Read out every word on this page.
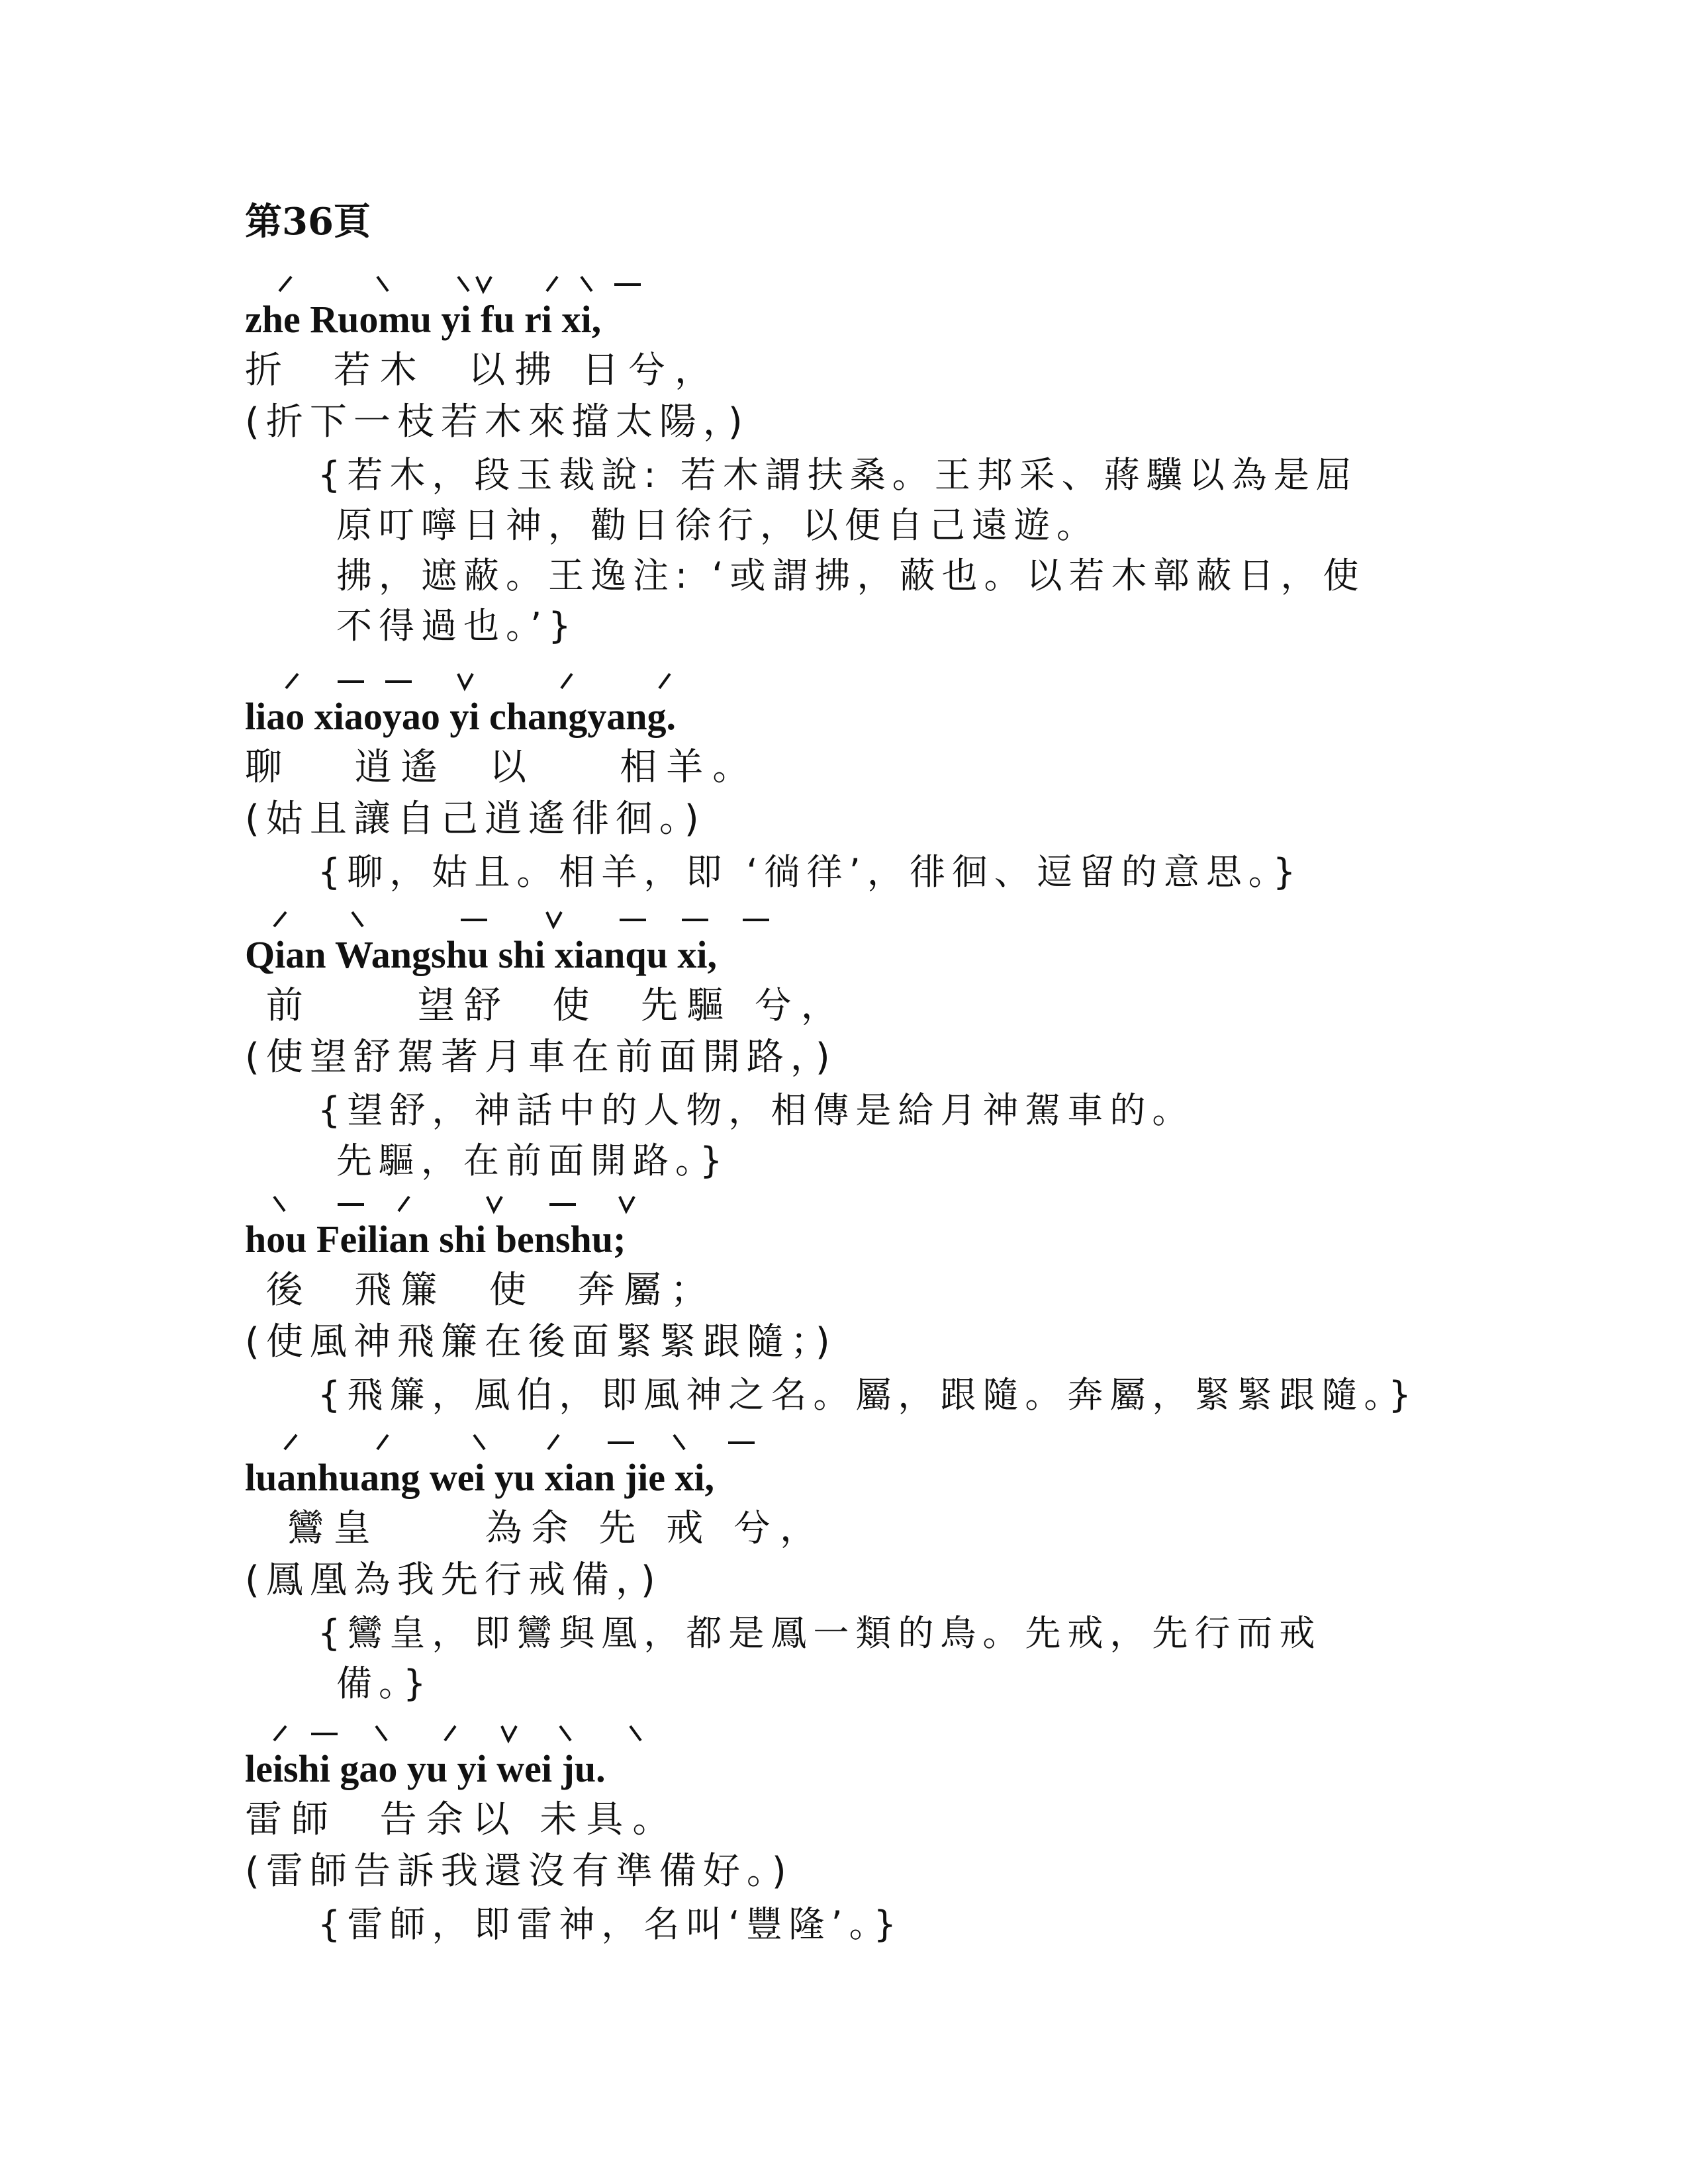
第36頁
zhe Ruomu yi fu ri xi,
折  若木  以拂 日兮，
(折下一枝若木來擋太陽，)
{若木，段玉裁說: 若木謂扶桑。王邦采、蔣驥以為是屈
原叮嚀日神，勸日徐行，以便自己遠遊。
拂，遮蔽。王逸注: ‘或謂拂，蔽也。以若木鄣蔽日，使
不得過也。’}
liao xiaoyao yi changyang.
聊   逍遙  以    相羊。
(姑且讓自己逍遙徘徊。)
{聊，姑且。相羊，即 ‘徜徉’，徘徊、逗留的意思。}
Qian Wangshu shi xianqu xi,
前     望舒  使  先驅 兮，
(使望舒駕著月車在前面開路，)
{望舒，神話中的人物，相傳是給月神駕車的。
先驅，在前面開路。}
hou Feilian shi benshu;
後  飛簾  使  奔屬；
(使風神飛簾在後面緊緊跟隨；)
{飛簾，風伯，即風神之名。屬，跟隨。奔屬，緊緊跟隨。}
luanhuang wei yu xian jie xi,
鸞皇     為余 先 戒 兮，
(鳳凰為我先行戒備，)
{鸞皇，即鸞與凰，都是鳳一類的鳥。先戒，先行而戒
備。}
leishi gao yu yi wei ju.
雷師  告余以 未具。
(雷師告訴我還沒有準備好。)
{雷師，即雷神，名叫‘豐隆’。}
